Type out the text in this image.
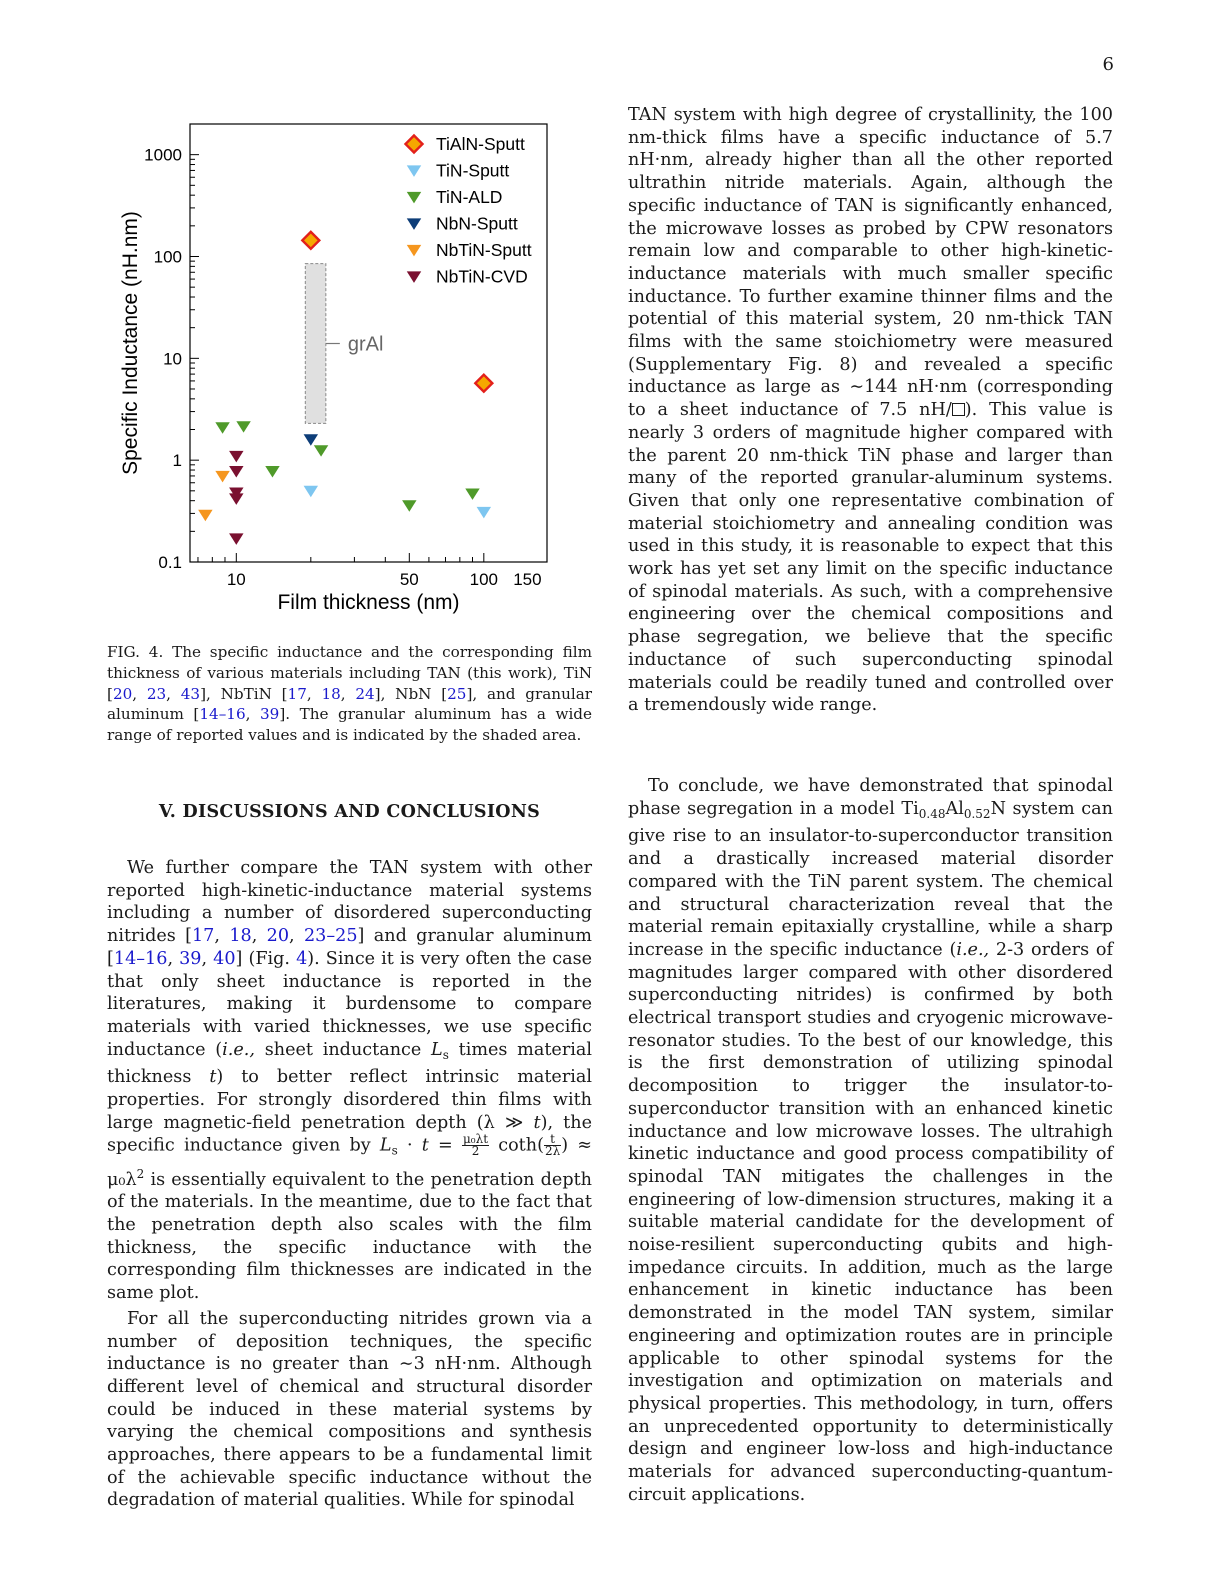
6
0.1
1
10
100
1000
10	50	100 150
Film thickness (nm)
Specific Inductance (nH.nm)	grAl
TiAlN-Sputt
TiN-Sputt
TiN-ALD
NbN-Sputt
NbTiN-Sputt
NbTiN-CVD

FIG. 4. The specific inductance and the corresponding film thickness of various materials including TAN (this work), TiN [20, 23, 43], NbTiN [17, 18, 24], NbN [25], and granular aluminum [14–16, 39]. The granular aluminum has a wide range of reported values and is indicated by the shaded area.

V. DISCUSSIONS AND CONCLUSIONS

We further compare the TAN system with other reported high-kinetic-inductance material systems including a number of disordered superconducting nitrides [17, 18, 20, 23–25] and granular aluminum [14–16, 39, 40] (Fig. 4). Since it is very often the case that only sheet inductance is reported in the literatures, making it burdensome to compare materials with varied thicknesses, we use specific inductance (i.e., sheet inductance $L_s$ times material thickness t) to better reflect intrinsic material properties. For strongly disordered thin films with large magnetic-field penetration depth (λ ≫ t), the specific inductance given by $L_s \cdot t = \frac{\text{μ₀λt}}{2} \cot h( \frac{t}{2\lambda}$ ) ≈ $\mu_0\lambda^2$ is essentially equivalent to the penetration depth of the materials. In the meantime, due to the fact that the penetration depth also scales with the film thickness, the specific inductance with the corresponding film thicknesses are indicated in the same plot.

For all the superconducting nitrides grown via a number of deposition techniques, the specific inductance is no greater than ∼3 nH·nm. Although different level of chemical and structural disorder could be induced in these material systems by varying the chemical compositions and synthesis approaches, there appears to be a fundamental limit of the achievable specific inductance without the degradation of material qualities. While for spinodal

TAN system with high degree of crystallinity, the 100 nm-thick films have a specific inductance of 5.7 nH·nm, already higher than all the other reported ultrathin nitride materials. Again, although the specific inductance of TAN is significantly enhanced, the microwave losses as probed by CPW resonators remain low and comparable to other high-kinetic-inductance materials with much smaller specific inductance. To further examine thinner films and the potential of this material system, 20 nm-thick TAN films with the same stoichiometry were measured (Supplementary Fig. 8) and revealed a specific inductance as large as ∼144 nH·nm (corresponding to a sheet inductance of 7.5 nH/ ). This value is nearly 3 orders of magnitude higher compared with the parent 20 nm-thick TiN phase and larger than many of the reported granular-aluminum systems. Given that only one representative combination of material stoichiometry and annealing condition was used in this study, it is reasonable to expect that this work has yet set any limit on the specific inductance of spinodal materials. As such, with a comprehensive engineering over the chemical compositions and phase segregation, we believe that the specific inductance of such superconducting spinodal materials could be readily tuned and controlled over a tremendously wide range.

To conclude, we have demonstrated that spinodal phase segregation in a model $Ti_{0.48}Al_{0.52}N$ system can give rise to an insulator-to-superconductor transition and a drastically increased material disorder compared with the TiN parent system. The chemical and structural characterization reveal that the material remain epitaxially crystalline, while a sharp increase in the specific inductance (i.e., 2-3 orders of magnitudes larger compared with other disordered superconducting nitrides) is confirmed by both electrical transport studies and cryogenic microwave-resonator studies. To the best of our knowledge, this is the first demonstration of utilizing spinodal decomposition to trigger the insulator-to-superconductor transition with an enhanced kinetic inductance and low microwave losses. The ultrahigh kinetic inductance and good process compatibility of spinodal TAN mitigates the challenges in the engineering of low-dimension structures, making it a suitable material candidate for the development of noise-resilient superconducting qubits and high-impedance circuits. In addition, much as the large enhancement in kinetic inductance has been demonstrated in the model TAN system, similar engineering and optimization routes are in principle applicable to other spinodal systems for the investigation and optimization on materials and physical properties. This methodology, in turn, offers an unprecedented opportunity to deterministically design and engineer low-loss and high-inductance materials for advanced superconducting-quantum-circuit applications.
